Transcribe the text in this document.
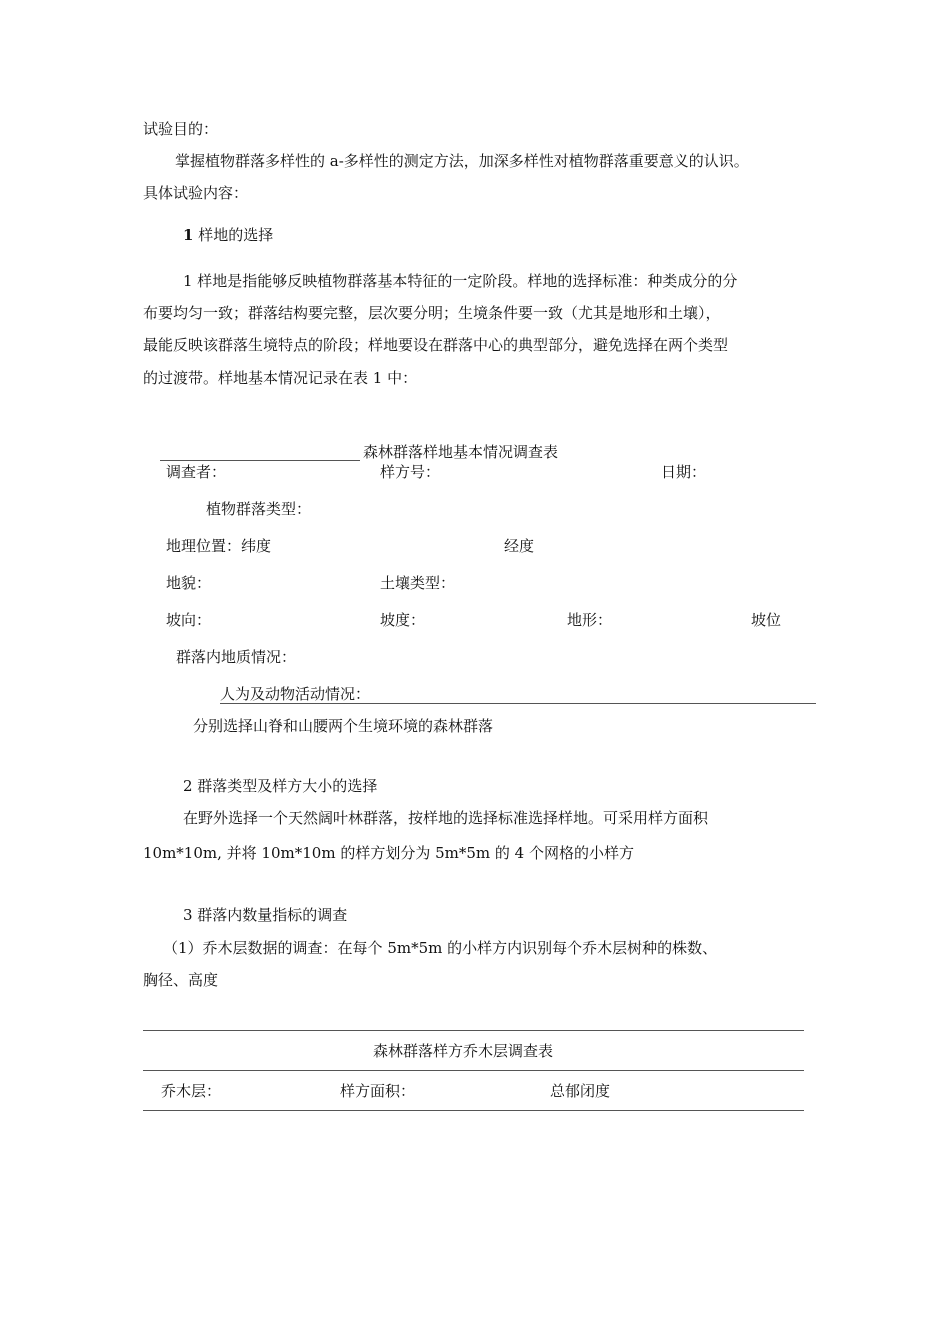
试验目的：
掌握植物群落多样性的 a-多样性的测定方法，加深多样性对植物群落重要意义的认识。
具体试验内容：
1 样地的选择
1 样地是指能够反映植物群落基本特征的一定阶段。样地的选择标准：种类成分的分
布要均匀一致；群落结构要完整，层次要分明；生境条件要一致（尤其是地形和土壤），
最能反映该群落生境特点的阶段；样地要设在群落中心的典型部分，避免选择在两个类型
的过渡带。样地基本情况记录在表 1 中：
森林群落样地基本情况调查表
调查者：	样方号：	日期：
植物群落类型：
地理位置：纬度	经度
地貌：	土壤类型：
坡向：	坡度：	地形：	坡位
群落内地质情况：
人为及动物活动情况：
分别选择山脊和山腰两个生境环境的森林群落
2 群落类型及样方大小的选择
在野外选择一个天然阔叶林群落，按样地的选择标准选择样地。可采用样方面积
10m*10m, 并将 10m*10m 的样方划分为 5m*5m 的 4 个网格的小样方
3 群落内数量指标的调查
（1）乔木层数据的调查：在每个 5m*5m 的小样方内识别每个乔木层树种的株数、
胸径、高度
森林群落样方乔木层调查表
乔木层：	样方面积：	总郁闭度
